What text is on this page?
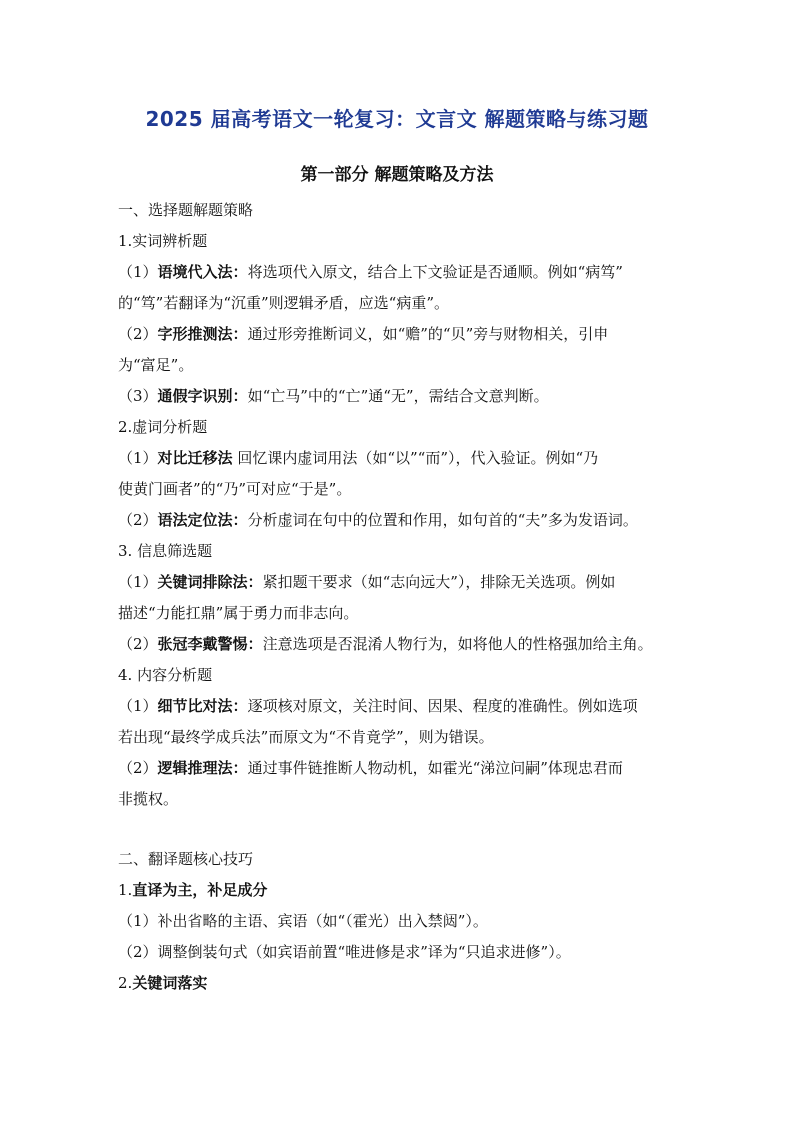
2025 届高考语文一轮复习：文言文 解题策略与练习题
第一部分 解题策略及方法
一、选择题解题策略
1.实词辨析题
（1）语境代入法：将选项代入原文，结合上下文验证是否通顺。例如“病笃”
的“笃”若翻译为“沉重”则逻辑矛盾，应选“病重”。
（2）字形推测法：通过形旁推断词义，如“赡”的“贝”旁与财物相关，引申
为“富足”。
（3）通假字识别：如“亡马”中的“亡”通“无”，需结合文意判断。
2.虚词分析题
（1）对比迁移法 回忆课内虚词用法（如“以”“而”），代入验证。例如“乃
使黄门画者”的“乃”可对应“于是”。
（2）语法定位法：分析虚词在句中的位置和作用，如句首的“夫”多为发语词。
3. 信息筛选题
（1）关键词排除法：紧扣题干要求（如“志向远大”），排除无关选项。例如
描述“力能扛鼎”属于勇力而非志向。
（2）张冠李戴警惕：注意选项是否混淆人物行为，如将他人的性格强加给主角。
4. 内容分析题
（1）细节比对法：逐项核对原文，关注时间、因果、程度的准确性。例如选项
若出现“最终学成兵法”而原文为“不肯竟学”，则为错误。
（2）逻辑推理法：通过事件链推断人物动机，如霍光“涕泣问嗣”体现忠君而
非揽权。
二、翻译题核心技巧
1.直译为主，补足成分
（1）补出省略的主语、宾语（如“（霍光）出入禁闼”）。
（2）调整倒装句式（如宾语前置“唯进修是求”译为“只追求进修”）。
2.关键词落实
